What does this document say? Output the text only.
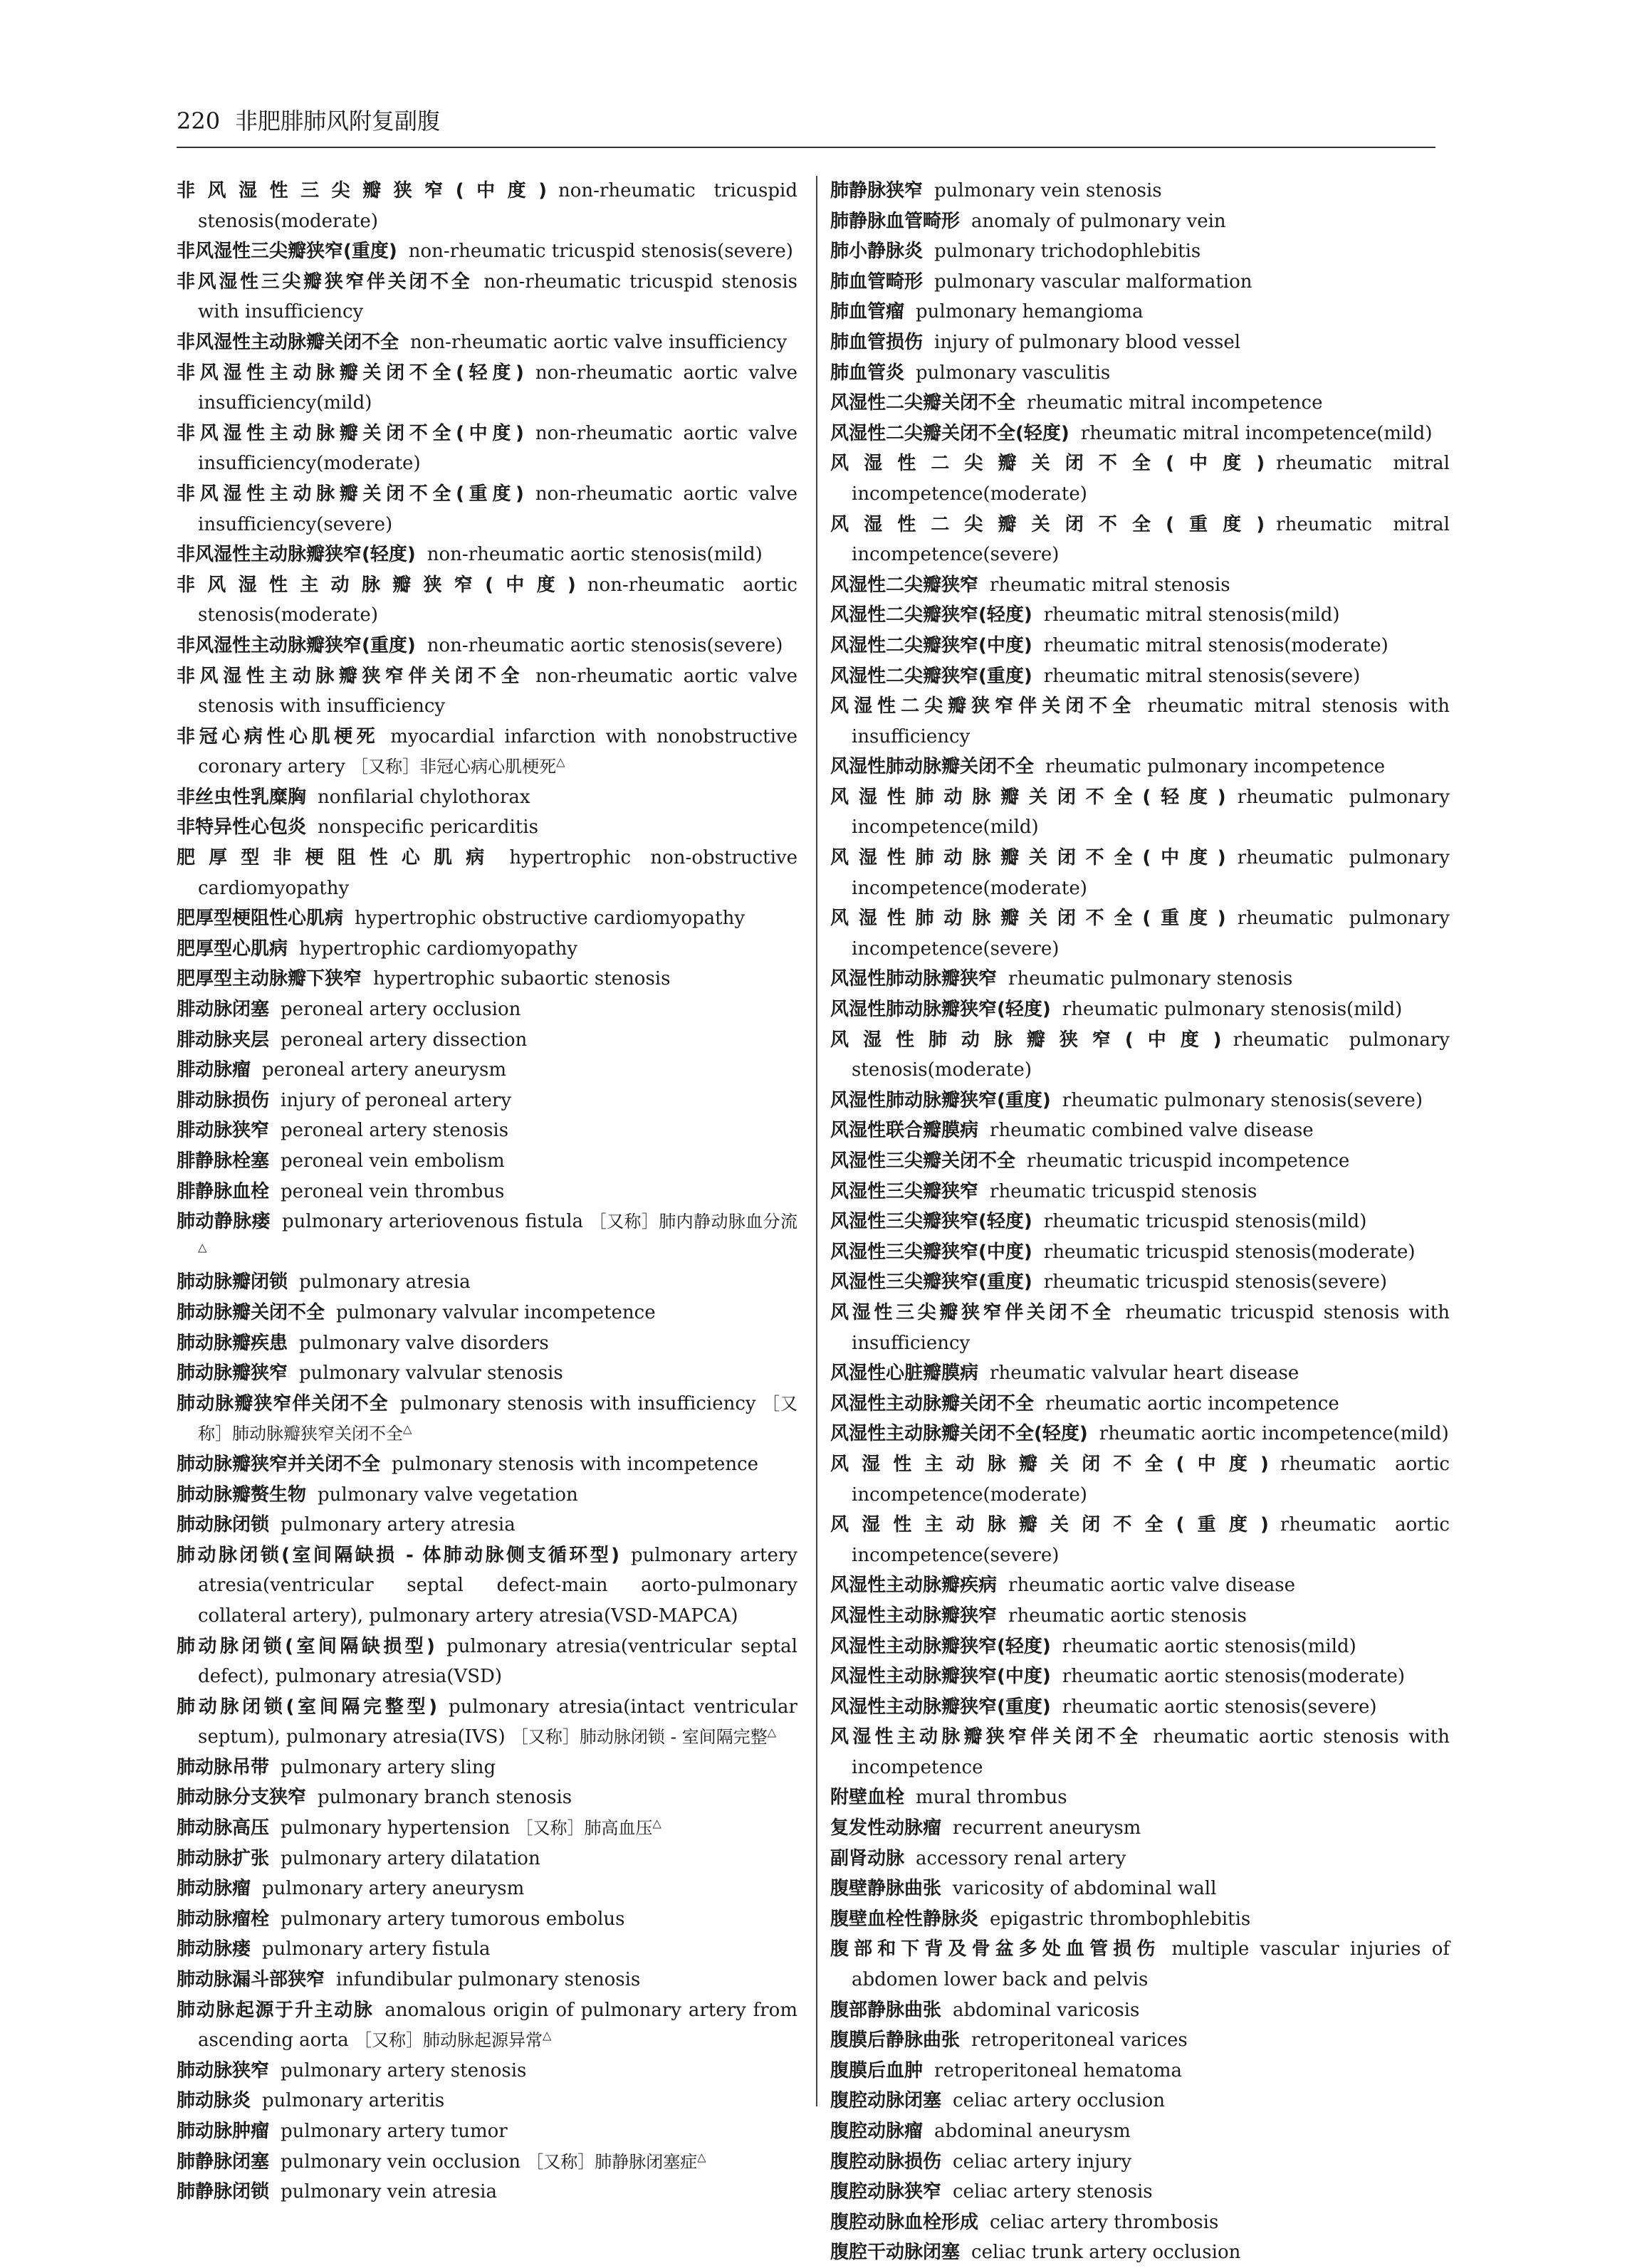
220 非肥腓肺风附复副腹
非风湿性三尖瓣狭窄(中度) non-rheumatic tricuspid stenosis(moderate)
非风湿性三尖瓣狭窄(重度) non-rheumatic tricuspid stenosis(severe)
非风湿性三尖瓣狭窄伴关闭不全 non-rheumatic tricuspid stenosis with insufficiency
非风湿性主动脉瓣关闭不全 non-rheumatic aortic valve insufficiency
非风湿性主动脉瓣关闭不全(轻度) non-rheumatic aortic valve insufficiency(mild)
非风湿性主动脉瓣关闭不全(中度) non-rheumatic aortic valve insufficiency(moderate)
非风湿性主动脉瓣关闭不全(重度) non-rheumatic aortic valve insufficiency(severe)
非风湿性主动脉瓣狭窄(轻度) non-rheumatic aortic stenosis(mild)
非风湿性主动脉瓣狭窄(中度) non-rheumatic aortic stenosis(moderate)
非风湿性主动脉瓣狭窄(重度) non-rheumatic aortic stenosis(severe)
非风湿性主动脉瓣狭窄伴关闭不全 non-rheumatic aortic valve stenosis with insufficiency
非冠心病性心肌梗死 myocardial infarction with nonobstructive coronary artery ［又称］非冠心病心肌梗死△
非丝虫性乳糜胸 nonfilarial chylothorax
非特异性心包炎 nonspecific pericarditis
肥厚型非梗阻性心肌病 hypertrophic non-obstructive cardiomyopathy
肥厚型梗阻性心肌病 hypertrophic obstructive cardiomyopathy
肥厚型心肌病 hypertrophic cardiomyopathy
肥厚型主动脉瓣下狭窄 hypertrophic subaortic stenosis
腓动脉闭塞 peroneal artery occlusion
腓动脉夹层 peroneal artery dissection
腓动脉瘤 peroneal artery aneurysm
腓动脉损伤 injury of peroneal artery
腓动脉狭窄 peroneal artery stenosis
腓静脉栓塞 peroneal vein embolism
腓静脉血栓 peroneal vein thrombus
肺动静脉瘘 pulmonary arteriovenous fistula ［又称］肺内静动脉血分流△
肺动脉瓣闭锁 pulmonary atresia
肺动脉瓣关闭不全 pulmonary valvular incompetence
肺动脉瓣疾患 pulmonary valve disorders
肺动脉瓣狭窄 pulmonary valvular stenosis
肺动脉瓣狭窄伴关闭不全 pulmonary stenosis with insufficiency ［又称］肺动脉瓣狭窄关闭不全△
肺动脉瓣狭窄并关闭不全 pulmonary stenosis with incompetence
肺动脉瓣赘生物 pulmonary valve vegetation
肺动脉闭锁 pulmonary artery atresia
肺动脉闭锁(室间隔缺损 - 体肺动脉侧支循环型) pulmonary artery atresia(ventricular septal defect-main aorto-pulmonary collateral artery), pulmonary artery atresia(VSD-MAPCA)
肺动脉闭锁(室间隔缺损型) pulmonary atresia(ventricular septal defect), pulmonary atresia(VSD)
肺动脉闭锁(室间隔完整型) pulmonary atresia(intact ventricular septum), pulmonary atresia(IVS) ［又称］肺动脉闭锁 - 室间隔完整△
肺动脉吊带 pulmonary artery sling
肺动脉分支狭窄 pulmonary branch stenosis
肺动脉高压 pulmonary hypertension ［又称］肺高血压△
肺动脉扩张 pulmonary artery dilatation
肺动脉瘤 pulmonary artery aneurysm
肺动脉瘤栓 pulmonary artery tumorous embolus
肺动脉瘘 pulmonary artery fistula
肺动脉漏斗部狭窄 infundibular pulmonary stenosis
肺动脉起源于升主动脉 anomalous origin of pulmonary artery from ascending aorta ［又称］肺动脉起源异常△
肺动脉狭窄 pulmonary artery stenosis
肺动脉炎 pulmonary arteritis
肺动脉肿瘤 pulmonary artery tumor
肺静脉闭塞 pulmonary vein occlusion ［又称］肺静脉闭塞症△
肺静脉闭锁 pulmonary vein atresia
肺静脉狭窄 pulmonary vein stenosis
肺静脉血管畸形 anomaly of pulmonary vein
肺小静脉炎 pulmonary trichodophlebitis
肺血管畸形 pulmonary vascular malformation
肺血管瘤 pulmonary hemangioma
肺血管损伤 injury of pulmonary blood vessel
肺血管炎 pulmonary vasculitis
风湿性二尖瓣关闭不全 rheumatic mitral incompetence
风湿性二尖瓣关闭不全(轻度) rheumatic mitral incompetence(mild)
风湿性二尖瓣关闭不全(中度) rheumatic mitral incompetence(moderate)
风湿性二尖瓣关闭不全(重度) rheumatic mitral incompetence(severe)
风湿性二尖瓣狭窄 rheumatic mitral stenosis
风湿性二尖瓣狭窄(轻度) rheumatic mitral stenosis(mild)
风湿性二尖瓣狭窄(中度) rheumatic mitral stenosis(moderate)
风湿性二尖瓣狭窄(重度) rheumatic mitral stenosis(severe)
风湿性二尖瓣狭窄伴关闭不全 rheumatic mitral stenosis with insufficiency
风湿性肺动脉瓣关闭不全 rheumatic pulmonary incompetence
风湿性肺动脉瓣关闭不全(轻度) rheumatic pulmonary incompetence(mild)
风湿性肺动脉瓣关闭不全(中度) rheumatic pulmonary incompetence(moderate)
风湿性肺动脉瓣关闭不全(重度) rheumatic pulmonary incompetence(severe)
风湿性肺动脉瓣狭窄 rheumatic pulmonary stenosis
风湿性肺动脉瓣狭窄(轻度) rheumatic pulmonary stenosis(mild)
风湿性肺动脉瓣狭窄(中度) rheumatic pulmonary stenosis(moderate)
风湿性肺动脉瓣狭窄(重度) rheumatic pulmonary stenosis(severe)
风湿性联合瓣膜病 rheumatic combined valve disease
风湿性三尖瓣关闭不全 rheumatic tricuspid incompetence
风湿性三尖瓣狭窄 rheumatic tricuspid stenosis
风湿性三尖瓣狭窄(轻度) rheumatic tricuspid stenosis(mild)
风湿性三尖瓣狭窄(中度) rheumatic tricuspid stenosis(moderate)
风湿性三尖瓣狭窄(重度) rheumatic tricuspid stenosis(severe)
风湿性三尖瓣狭窄伴关闭不全 rheumatic tricuspid stenosis with insufficiency
风湿性心脏瓣膜病 rheumatic valvular heart disease
风湿性主动脉瓣关闭不全 rheumatic aortic incompetence
风湿性主动脉瓣关闭不全(轻度) rheumatic aortic incompetence(mild)
风湿性主动脉瓣关闭不全(中度) rheumatic aortic incompetence(moderate)
风湿性主动脉瓣关闭不全(重度) rheumatic aortic incompetence(severe)
风湿性主动脉瓣疾病 rheumatic aortic valve disease
风湿性主动脉瓣狭窄 rheumatic aortic stenosis
风湿性主动脉瓣狭窄(轻度) rheumatic aortic stenosis(mild)
风湿性主动脉瓣狭窄(中度) rheumatic aortic stenosis(moderate)
风湿性主动脉瓣狭窄(重度) rheumatic aortic stenosis(severe)
风湿性主动脉瓣狭窄伴关闭不全 rheumatic aortic stenosis with incompetence
附壁血栓 mural thrombus
复发性动脉瘤 recurrent aneurysm
副肾动脉 accessory renal artery
腹壁静脉曲张 varicosity of abdominal wall
腹壁血栓性静脉炎 epigastric thrombophlebitis
腹部和下背及骨盆多处血管损伤 multiple vascular injuries of abdomen lower back and pelvis
腹部静脉曲张 abdominal varicosis
腹膜后静脉曲张 retroperitoneal varices
腹膜后血肿 retroperitoneal hematoma
腹腔动脉闭塞 celiac artery occlusion
腹腔动脉瘤 abdominal aneurysm
腹腔动脉损伤 celiac artery injury
腹腔动脉狭窄 celiac artery stenosis
腹腔动脉血栓形成 celiac artery thrombosis
腹腔干动脉闭塞 celiac trunk artery occlusion
